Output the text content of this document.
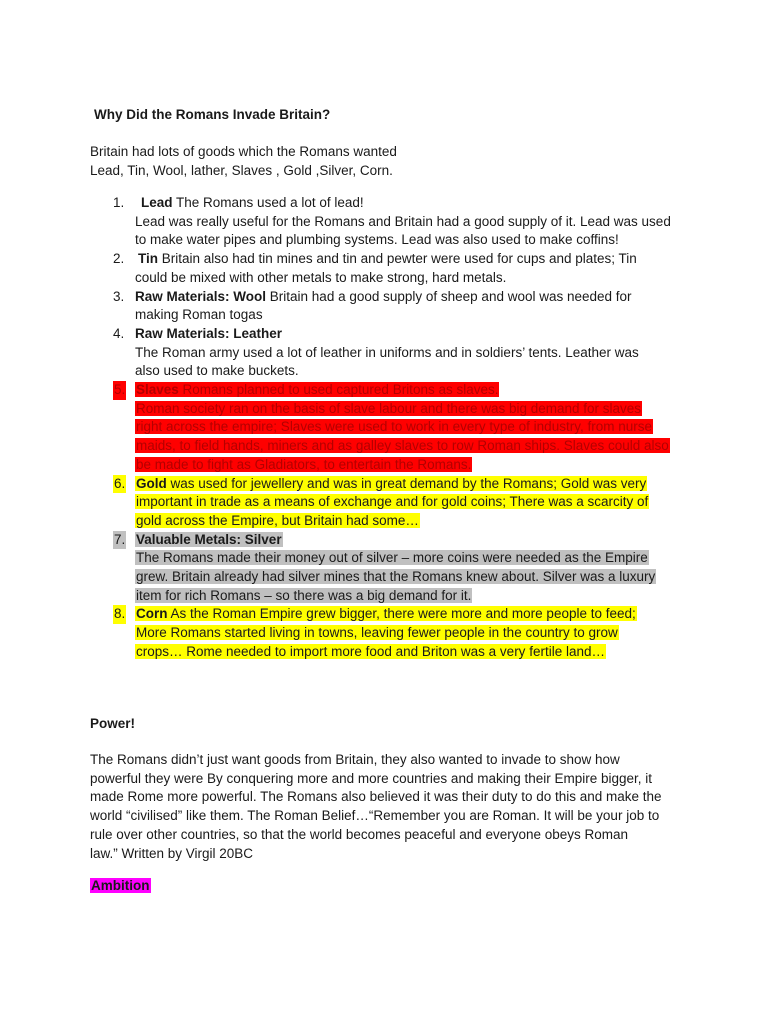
Why Did the Romans Invade Britain?
Britain had lots of goods which the Romans wanted
Lead, Tin, Wool, lather, Slaves , Gold ,Silver, Corn.
1.	Lead The Romans used a lot of lead!
Lead was really useful for the Romans and Britain had a good supply of it. Lead was used
to make water pipes and plumbing systems. Lead was also used to make coffins!
2. Tin Britain also had tin mines and tin and pewter were used for cups and plates; Tin
could be mixed with other metals to make strong, hard metals.
3. Raw Materials: Wool Britain had a good supply of sheep and wool was needed for
making Roman togas
4. Raw Materials: Leather
The Roman army used a lot of leather in uniforms and in soldiers’ tents. Leather was
also used to make buckets.
5. Slaves Romans planned to used captured Britons as slaves.
Roman society ran on the basis of slave labour and there was big demand for slaves
right across the empire; Slaves were used to work in every type of industry, from nurse
maids, to field hands, miners and as galley slaves to row Roman ships. Slaves could also
be made to fight as Gladiators, to entertain the Romans.
6. Gold was used for jewellery and was in great demand by the Romans; Gold was very
important in trade as a means of exchange and for gold coins; There was a scarcity of
gold across the Empire, but Britain had some…
7. Valuable Metals: Silver
The Romans made their money out of silver – more coins were needed as the Empire
grew. Britain already had silver mines that the Romans knew about. Silver was a luxury
item for rich Romans – so there was a big demand for it.
8. Corn As the Roman Empire grew bigger, there were more and more people to feed;
More Romans started living in towns, leaving fewer people in the country to grow
crops… Rome needed to import more food and Briton was a very fertile land…
Power!
The Romans didn’t just want goods from Britain, they also wanted to invade to show how
powerful they were By conquering more and more countries and making their Empire bigger, it
made Rome more powerful. The Romans also believed it was their duty to do this and make the
world “civilised” like them. The Roman Belief…“Remember you are Roman. It will be your job to
rule over other countries, so that the world becomes peaceful and everyone obeys Roman
law.” Written by Virgil 20BC
Ambition
